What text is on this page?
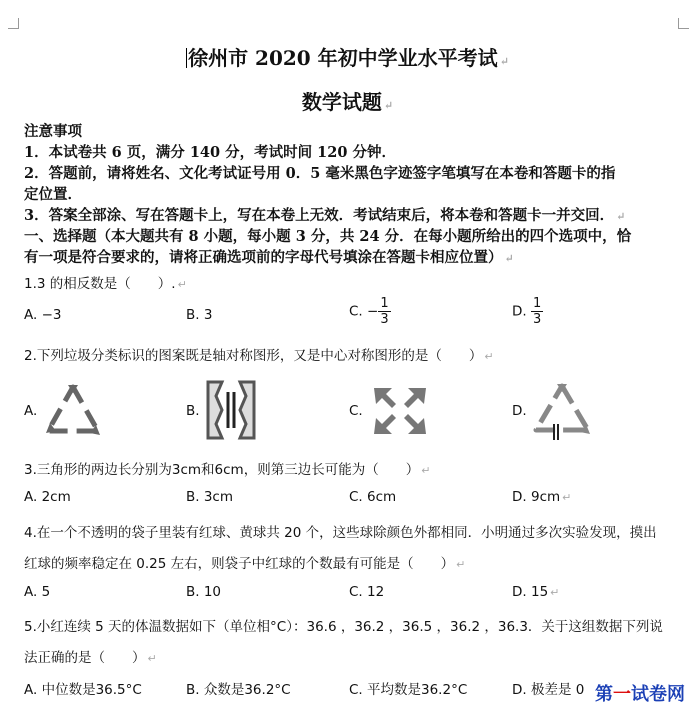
徐州市 2020 年初中学业水平考试 ↵
数学试题 ↵
注意事项
1．本试卷共 6 页，满分 140 分，考试时间 120 分钟．
2．答题前，请将姓名、文化考试证号用 0．5 毫米黑色字迹签字笔填写在本卷和答题卡的指
定位置．
3．答案全部涂、写在答题卡上，写在本卷上无效．考试结束后，将本卷和答题卡一并交回． ↵
一、选择题（本大题共有 8 小题，每小题 3 分，共 24 分．在每小题所给出的四个选项中，恰
有一项是符合要求的，请将正确选项前的字母代号填涂在答题卡相应位置） ↵
1.3 的相反数是（　　）. ↵
A. −3	B. 3	C. − $\frac{1}{3}$	D. $\frac{1}{3}$
2.下列垃圾分类标识的图案既是轴对称图形，又是中心对称图形的是（　　） ↵
A.	B.	C.	D.
3.三角形的两边长分别为3cm和6cm，则第三边长可能为（　　） ↵
A. 2cm	B. 3cm	C. 6cm	D. 9cm ↵
4.在一个不透明的袋子里装有红球、黄球共 20 个，这些球除颜色外都相同．小明通过多次实验发现，摸出
红球的频率稳定在 0.25 左右，则袋子中红球的个数最有可能是（　　） ↵
A. 5	B. 10	C. 12	D. 15 ↵
5.小红连续 5 天的体温数据如下（单位相°C）：36.6 ，36.2 ，36.5 ，36.2 ，36.3．关于这组数据下列说
法正确的是（　　） ↵
A. 中位数是36.5°C	B. 众数是36.2°C	C. 平均数是36.2°C	D. 极差是 0 第一试卷网
